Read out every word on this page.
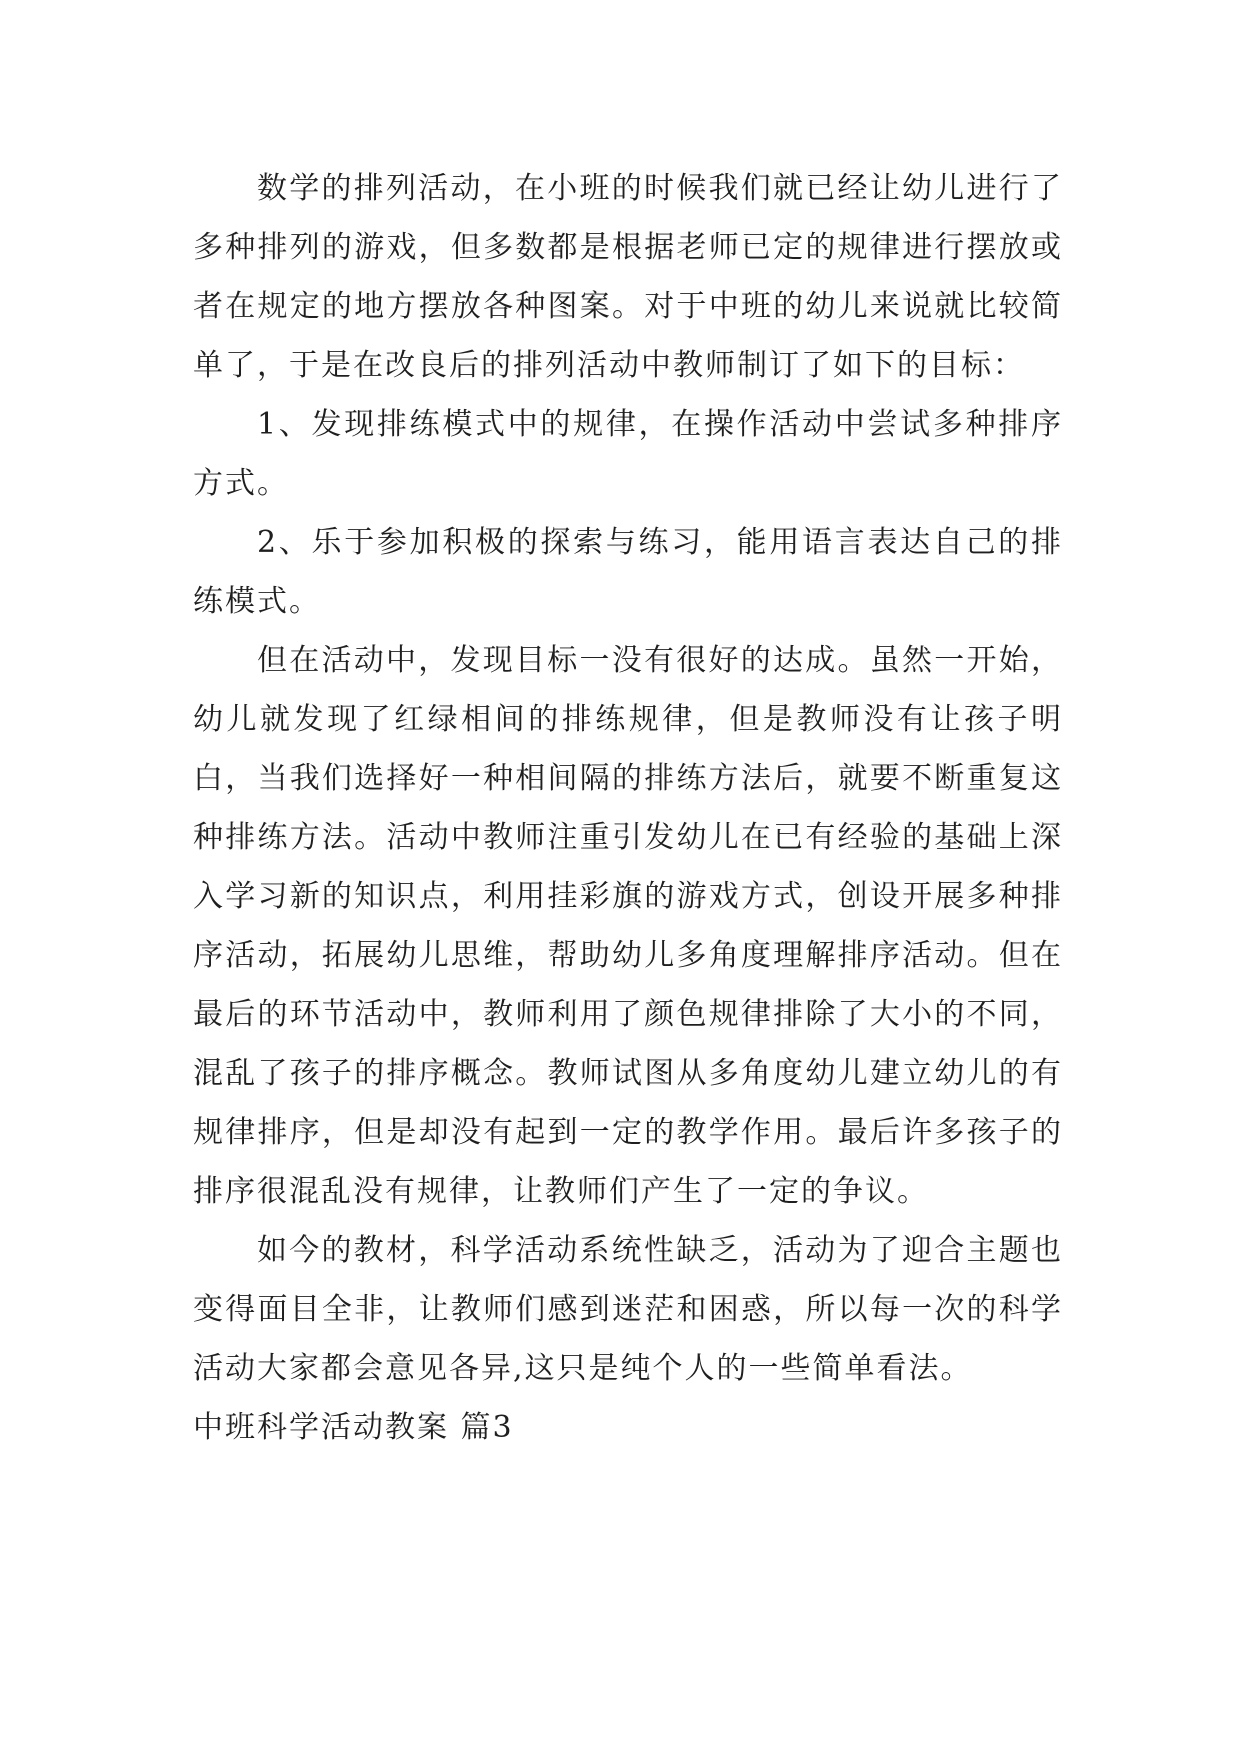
数学的排列活动，在小班的时候我们就已经让幼儿进行了多种排列的游戏，但多数都是根据老师已定的规律进行摆放或者在规定的地方摆放各种图案。对于中班的幼儿来说就比较简单了，于是在改良后的排列活动中教师制订了如下的目标：

1、发现排练模式中的规律，在操作活动中尝试多种排序方式。

2、乐于参加积极的探索与练习，能用语言表达自己的排练模式。

但在活动中，发现目标一没有很好的达成。虽然一开始，幼儿就发现了红绿相间的排练规律，但是教师没有让孩子明白，当我们选择好一种相间隔的排练方法后，就要不断重复这种排练方法。活动中教师注重引发幼儿在已有经验的基础上深入学习新的知识点，利用挂彩旗的游戏方式，创设开展多种排序活动，拓展幼儿思维，帮助幼儿多角度理解排序活动。但在最后的环节活动中，教师利用了颜色规律排除了大小的不同，混乱了孩子的排序概念。教师试图从多角度幼儿建立幼儿的有规律排序，但是却没有起到一定的教学作用。最后许多孩子的排序很混乱没有规律，让教师们产生了一定的争议。

如今的教材，科学活动系统性缺乏，活动为了迎合主题也变得面目全非，让教师们感到迷茫和困惑，所以每一次的科学活动大家都会意见各异,这只是纯个人的一些简单看法。

中班科学活动教案 篇3
